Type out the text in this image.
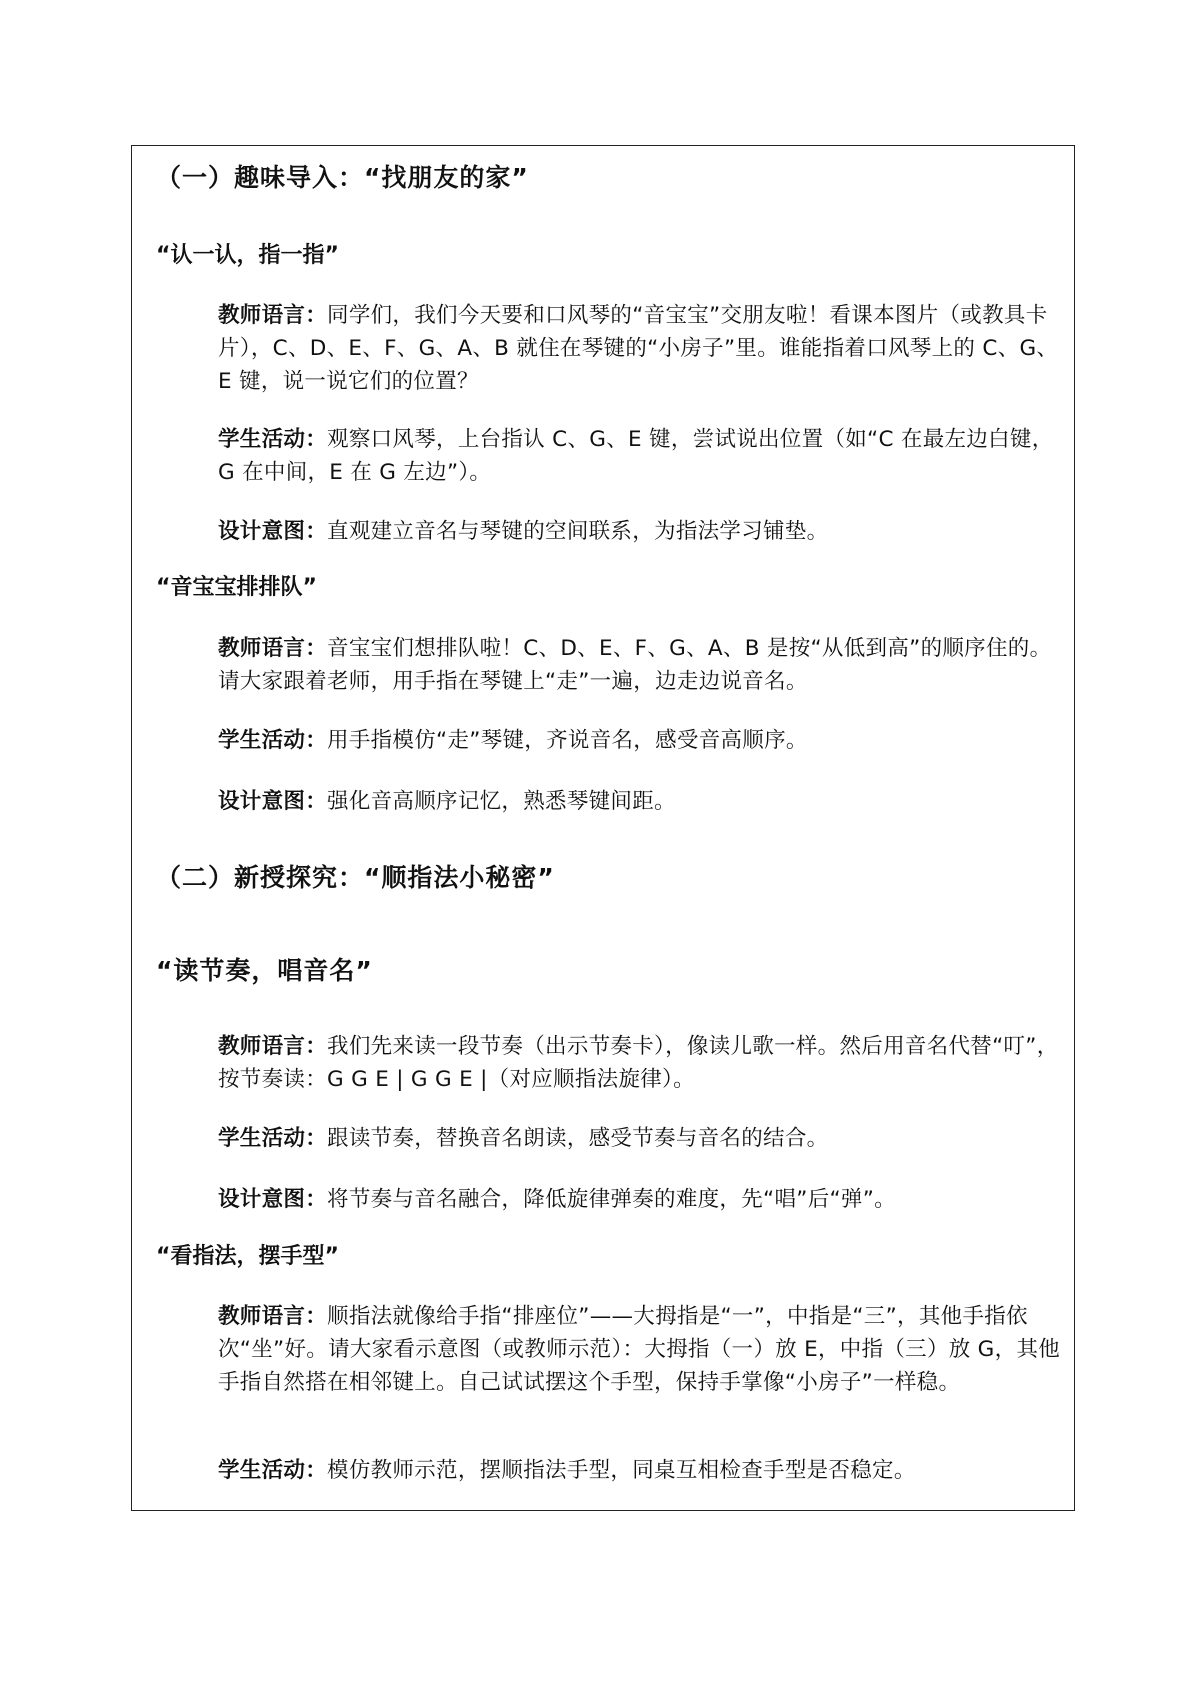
（一）趣味导入：“找朋友的家”
“认一认，指一指”

教师语言：同学们，我们今天要和口风琴的“音宝宝”交朋友啦！看课本图片（或教具卡片），C、D、E、F、G、A、B 就住在琴键的“小房子”里。谁能指着口风琴上的 C、G、E 键，说一说它们的位置？

学生活动：观察口风琴，上台指认 C、G、E 键，尝试说出位置（如“C 在最左边白键，G 在中间，E 在 G 左边”）。

设计意图：直观建立音名与琴键的空间联系，为指法学习铺垫。

“音宝宝排排队”

教师语言：音宝宝们想排队啦！C、D、E、F、G、A、B 是按“从低到高”的顺序住的。请大家跟着老师，用手指在琴键上“走”一遍，边走边说音名。

学生活动：用手指模仿“走”琴键，齐说音名，感受音高顺序。

设计意图：强化音高顺序记忆，熟悉琴键间距。

（二）新授探究：“顺指法小秘密”
“读节奏，唱音名”

教师语言：我们先来读一段节奏（出示节奏卡），像读儿歌一样。然后用音名代替“叮”，按节奏读：G G E | G G E |（对应顺指法旋律）。

学生活动：跟读节奏，替换音名朗读，感受节奏与音名的结合。

设计意图：将节奏与音名融合，降低旋律弹奏的难度，先“唱”后“弹”。

“看指法，摆手型”

教师语言：顺指法就像给手指“排座位”——大拇指是“一”，中指是“三”，其他手指依次“坐”好。请大家看示意图（或教师示范）：大拇指（一）放 E，中指（三）放 G，其他手指自然搭在相邻键上。自己试试摆这个手型，保持手掌像“小房子”一样稳。

学生活动：模仿教师示范，摆顺指法手型，同桌互相检查手型是否稳定。
